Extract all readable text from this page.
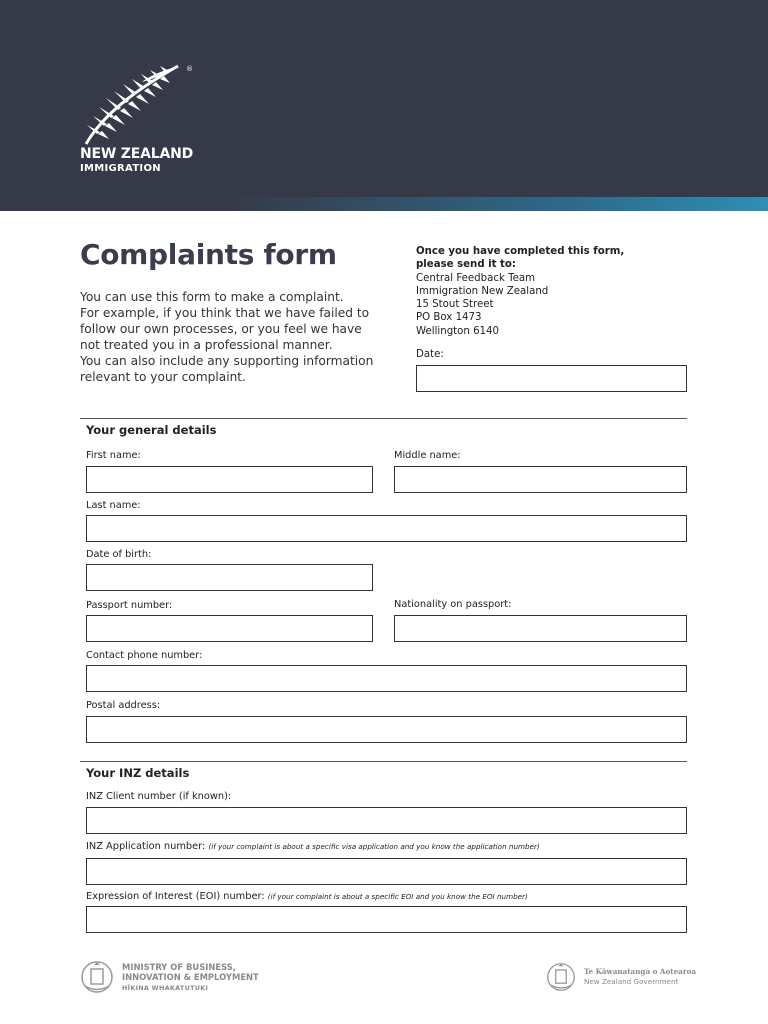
®
NEW ZEALAND
IMMIGRATION
Complaints form

You can use this form to make a complaint.

For example, if you think that we have failed to follow our own processes, or you feel we have not treated you in a professional manner.

You can also include any supporting information relevant to your complaint.

Once you have completed this form, please send it to:
Central Feedback Team
Immigration New Zealand
15 Stout Street
PO Box 1473
Wellington 6140
Date:
Your general details
First name:	Middle name:
Last name:
Date of birth:
Passport number:	Nationality on passport:
Contact phone number:
Postal address:
Your INZ details
INZ Client number (if known):
INZ Application number: (if your complaint is about a specific visa application and you know the application number)
Expression of Interest (EOI) number: (if your complaint is about a specific EOI and you know the EOI number)
MINISTRY OF BUSINESS,
INNOVATION & EMPLOYMENT
HĪKINA WHAKATUTUKI
Te Kāwanatanga o Aotearoa
New Zealand Government
